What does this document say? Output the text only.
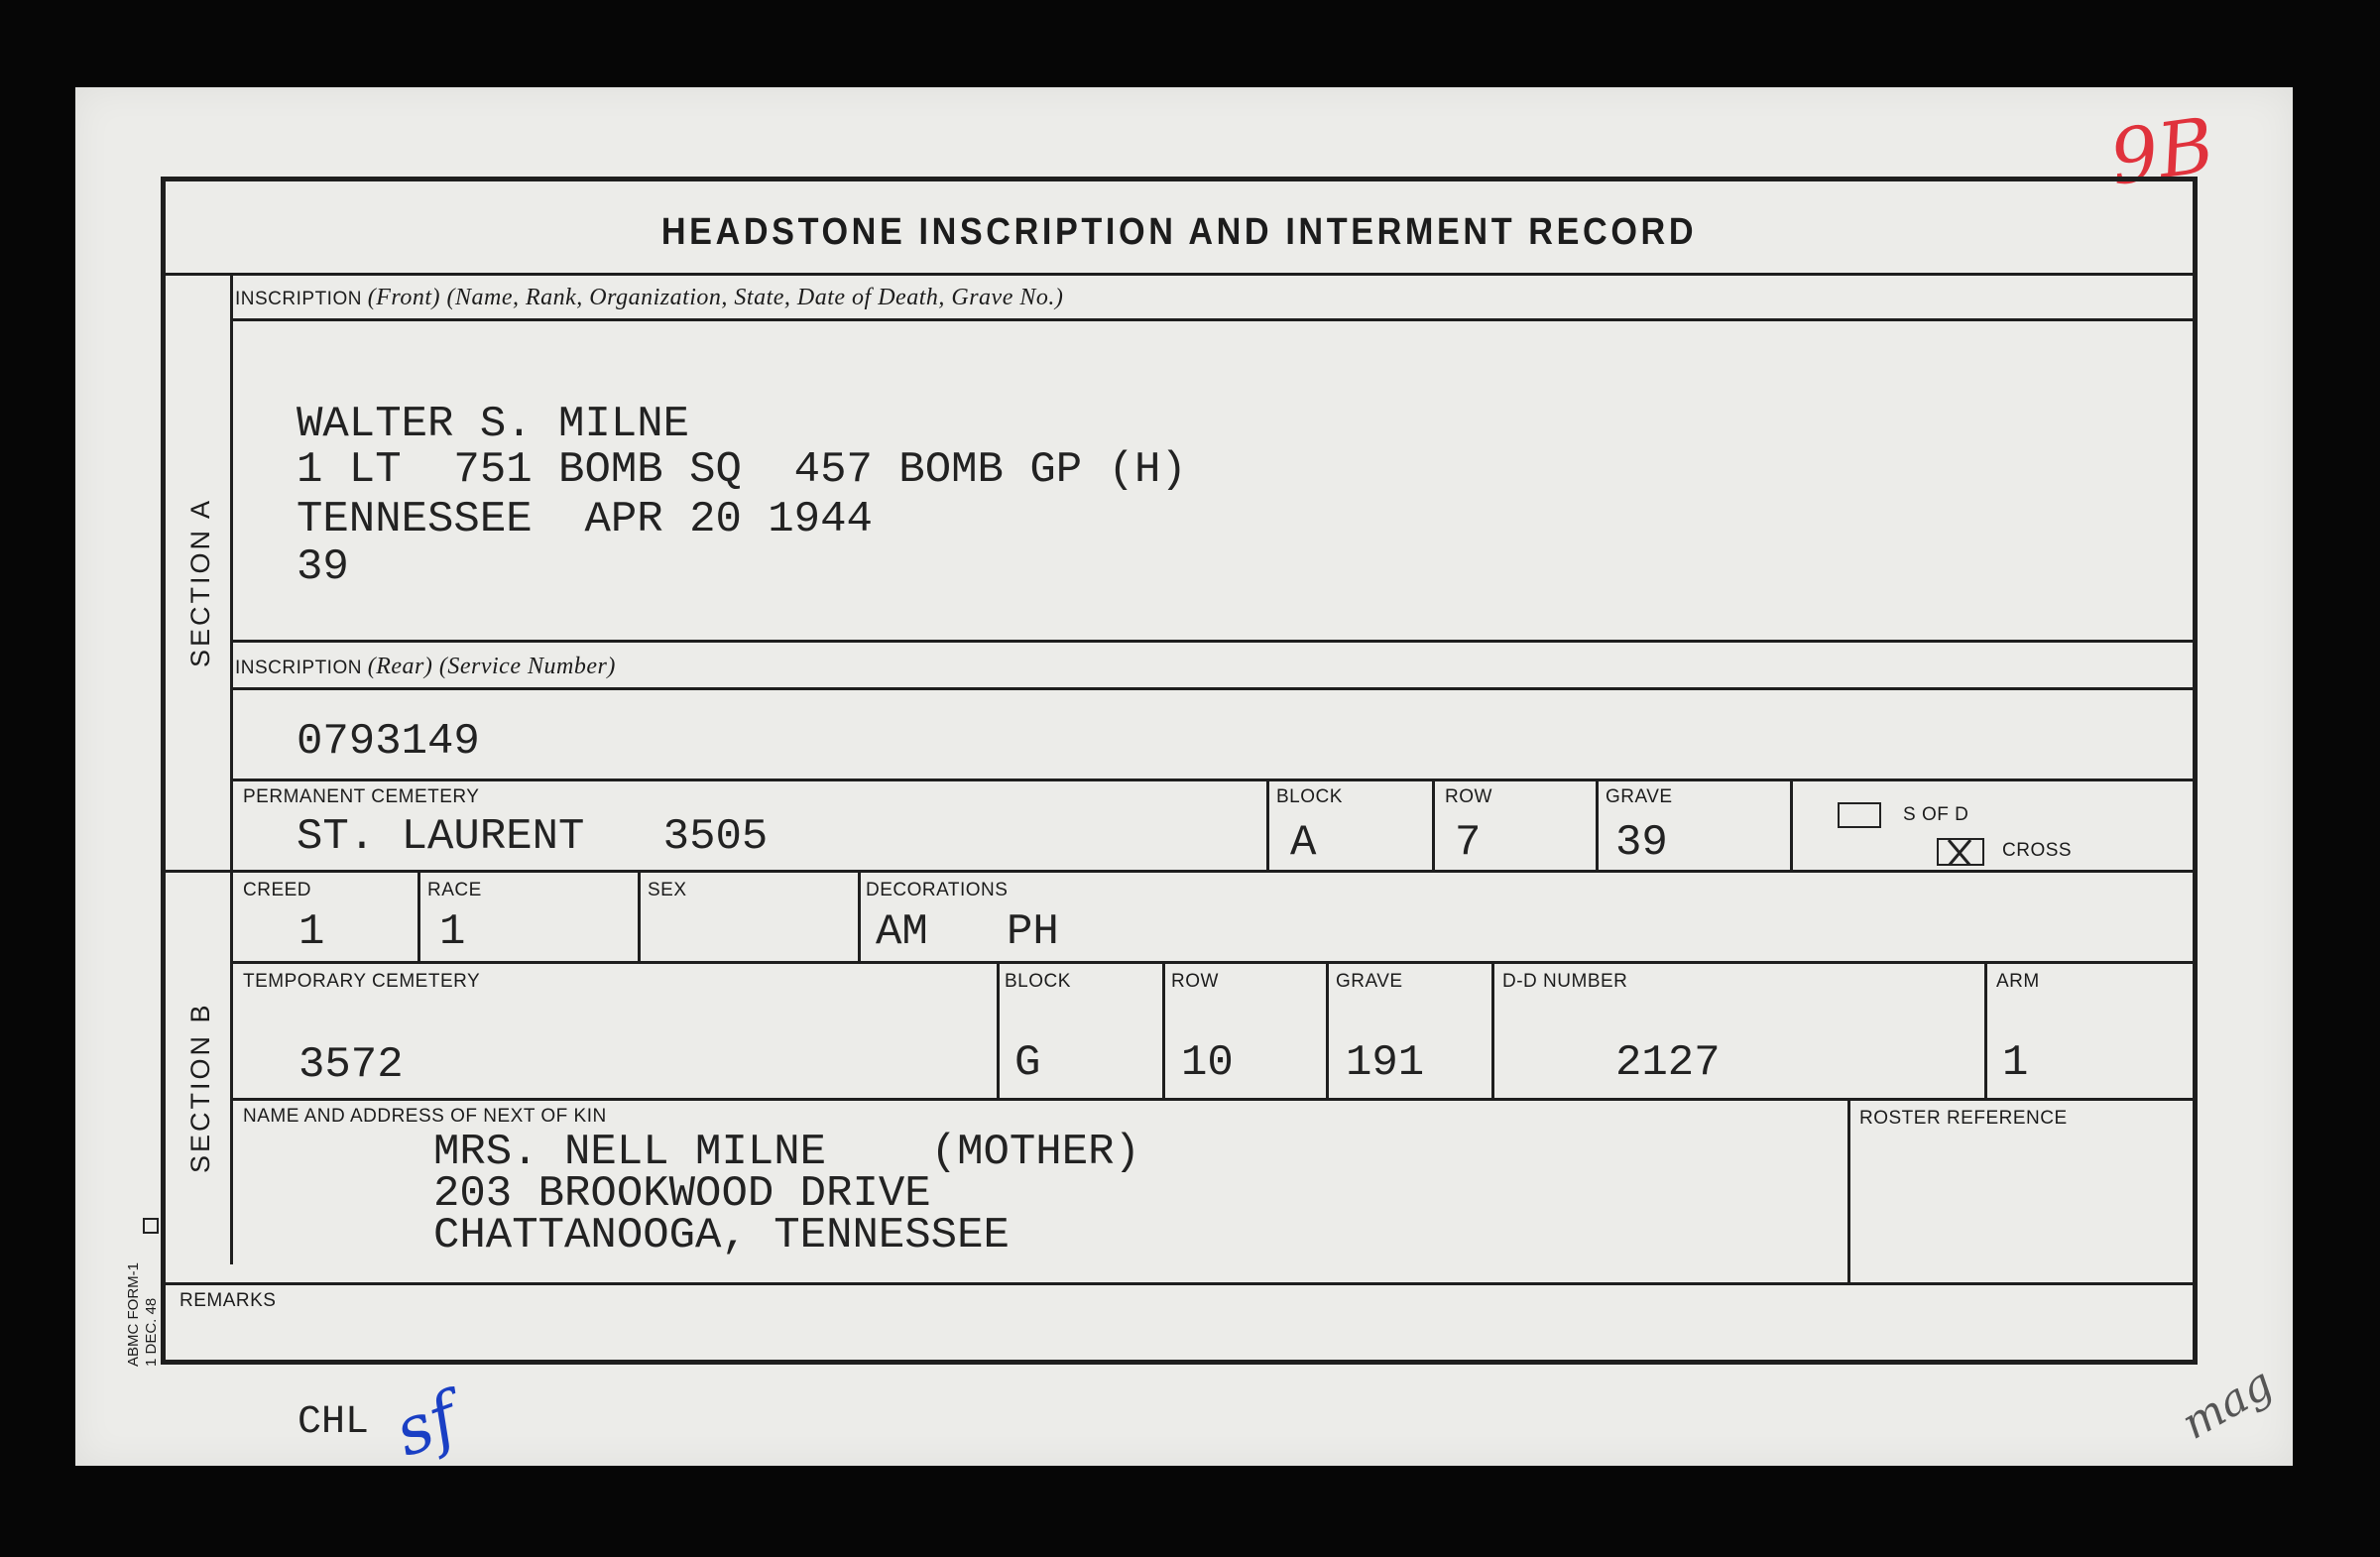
9B
HEADSTONE INSCRIPTION AND INTERMENT RECORD
SECTION A
SECTION B
INSCRIPTION (Front) (Name, Rank, Organization, State, Date of Death, Grave No.)
WALTER S. MILNE
1 LT  751 BOMB SQ  457 BOMB GP (H)
TENNESSEE  APR 20 1944
39
INSCRIPTION (Rear) (Service Number)
0793149
PERMANENT CEMETERY
ST. LAURENT   3505
BLOCK
A
ROW
7
GRAVE
39
S OF D
CROSS
CREED
1
RACE
1
SEX	DECORATIONS
AM   PH
TEMPORARY CEMETERY
3572
BLOCK
G
ROW
10
GRAVE
191
D-D NUMBER
2127
ARM
1
NAME AND ADDRESS OF NEXT OF KIN
MRS. NELL MILNE    (MOTHER)
203 BROOKWOOD DRIVE
CHATTANOOGA, TENNESSEE
ROSTER REFERENCE
REMARKS
ABMC FORM-1 1 DEC. 48
CHL sf	mag
